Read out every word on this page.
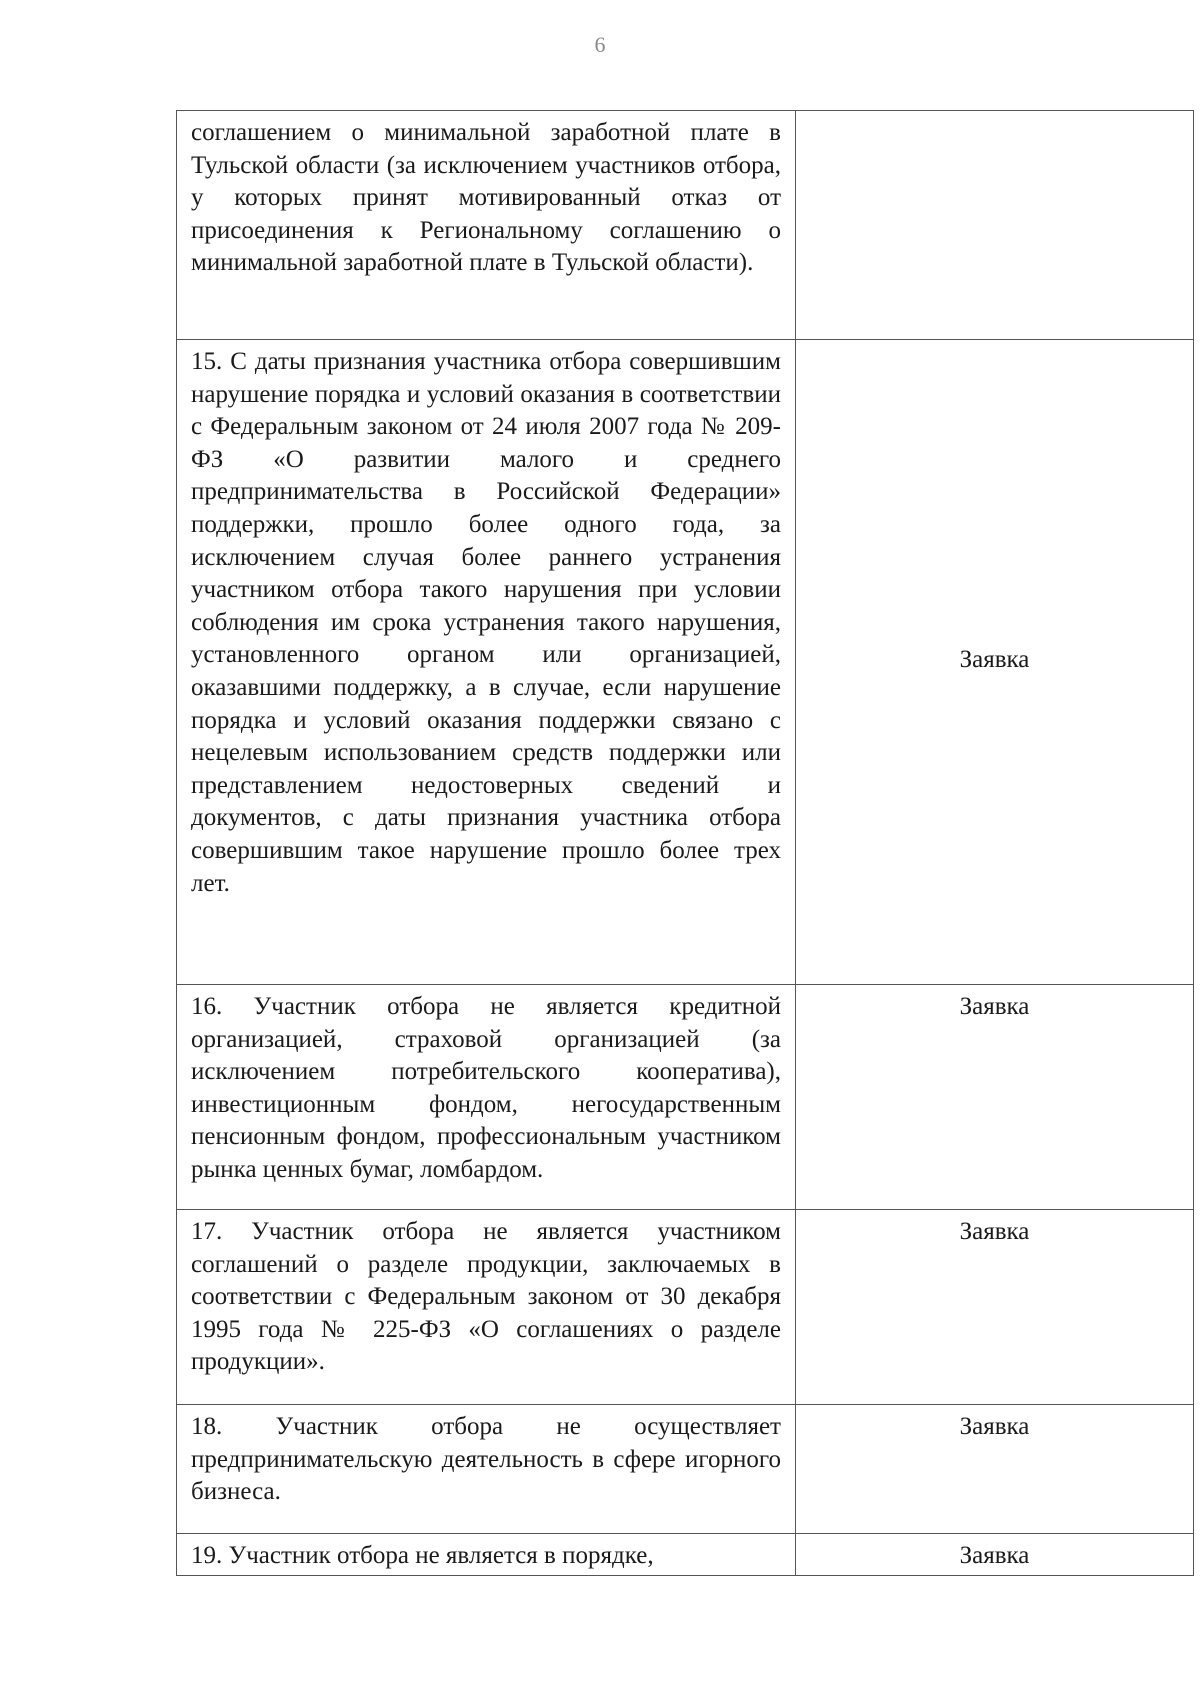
6
соглашением о минимальной заработной плате в Тульской области (за исключением участников отбора, у которых принят мотивированный отказ от присоединения к Региональному соглашению о минимальной заработной плате в Тульской области).	
15. С даты признания участника отбора совершившим нарушение порядка и условий оказания в соответствии с Федеральным законом от 24 июля 2007 года № 209-ФЗ «О развитии малого и среднего предпринимательства в Российской Федерации» поддержки, прошло более одного года, за исключением случая более раннего устранения участником отбора такого нарушения при условии соблюдения им срока устранения такого нарушения, установленного органом или организацией, оказавшими поддержку, а в случае, если нарушение порядка и условий оказания поддержки связано с нецелевым использованием средств поддержки или представлением недостоверных сведений и документов, с даты признания участника отбора совершившим такое нарушение прошло более трех лет.	Заявка
16. Участник отбора не является кредитной организацией, страховой организацией (за исключением потребительского кооператива), инвестиционным фондом, негосударственным пенсионным фондом, профессиональным участником рынка ценных бумаг, ломбардом.	Заявка
17. Участник отбора не является участником соглашений о разделе продукции, заключаемых в соответствии с Федеральным законом от 30 декабря 1995 года № 225-ФЗ «О соглашениях о разделе продукции».	Заявка
18. Участник отбора не осуществляет предпринимательскую деятельность в сфере игорного бизнеса.	Заявка
19. Участник отбора не является в порядке,	Заявка
